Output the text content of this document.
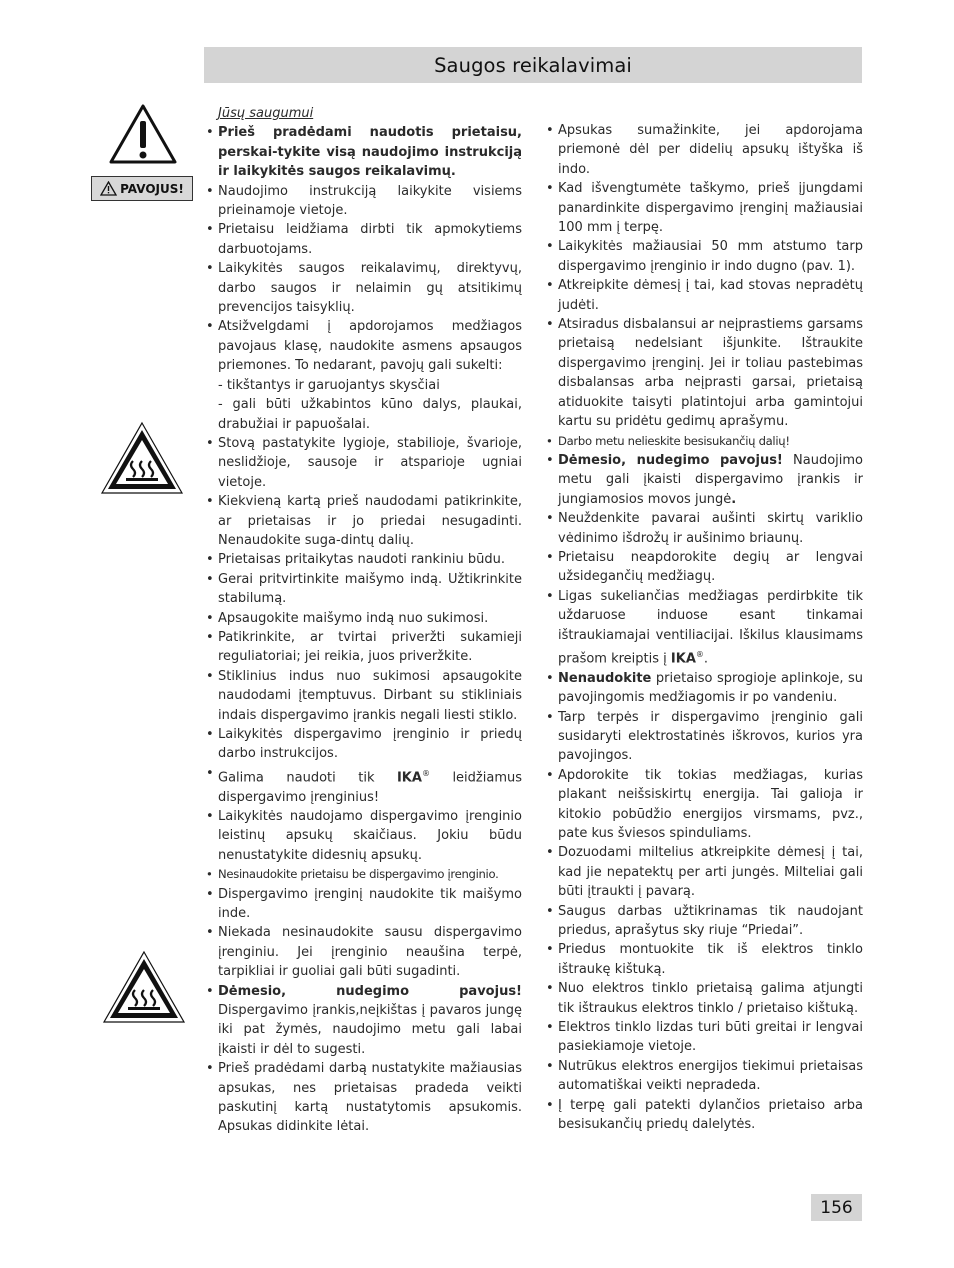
Saugos reikalavimai
PAVOJUS!
Jūsų saugumui
• Prieš pradėdami naudotis prietaisu, perskai-tykite visą naudojimo instrukciją ir laikykitės saugos reikalavimų.
• Naudojimo instrukciją laikykite visiems prieinamoje vietoje.
• Prietaisu leidžiama dirbti tik apmokytiems darbuotojams.
• Laikykitės saugos reikalavimų, direktyvų, darbo saugos ir nelaimin gų atsitikimų prevencijos taisyklių.
• Atsižvelgdami į apdorojamos medžiagos pavojaus klasę, naudokite asmens apsaugos priemones. To nedarant, pavojų gali sukelti:
- tikštantys ir garuojantys skysčiai
- gali būti užkabintos kūno dalys, plaukai, drabužiai ir papuošalai.
• Stovą pastatykite lygioje, stabilioje, švarioje, neslidžioje, sausoje ir atsparioje ugniai vietoje.
• Kiekvieną kartą prieš naudodami patikrinkite, ar prietaisas ir jo priedai nesugadinti. Nenaudokite suga-dintų dalių.
• Prietaisas pritaikytas naudoti rankiniu būdu.
• Gerai pritvirtinkite maišymo indą. Užtikrinkite stabilumą.
• Apsaugokite maišymo indą nuo sukimosi.
• Patikrinkite, ar tvirtai priveržti sukamieji reguliatoriai; jei reikia, juos priveržkite.
• Stiklinius indus nuo sukimosi apsaugokite naudodami įtemptuvus. Dirbant su stikliniais indais dispergavimo įrankis negali liesti stiklo.
• Laikykitės dispergavimo įrenginio ir priedų darbo instrukcijos.
• Galima naudoti tik IKA® leidžiamus dispergavimo įrenginius!
• Laikykitės naudojamo dispergavimo įrenginio leistinų apsukų skaičiaus. Jokiu būdu nenustatykite didesnių apsukų.
• Nesinaudokite prietaisu be dispergavimo įrenginio.
• Dispergavimo įrenginį naudokite tik maišymo inde.
• Niekada nesinaudokite sausu dispergavimo įrenginiu. Jei įrenginio neaušina terpė, tarpikliai ir guoliai gali būti sugadinti.
• Dėmesio, nudegimo pavojus! Dispergavimo įrankis,neįkištas į pavaros jungę iki pat žymės, naudojimo metu gali labai įkaisti ir dėl to sugesti.
• Prieš pradėdami darbą nustatykite mažiausias apsukas, nes prietaisas pradeda veikti paskutinį kartą nustatytomis apsukomis. Apsukas didinkite lėtai.
• Apsukas sumažinkite, jei apdorojama priemonė dėl per didelių apsukų ištyška iš indo.
• Kad išvengtumėte taškymo, prieš įjungdami panardinkite dispergavimo įrenginį mažiausiai 100 mm į terpę.
• Laikykitės mažiausiai 50 mm atstumo tarp dispergavimo įrenginio ir indo dugno (pav. 1).
• Atkreipkite dėmesį į tai, kad stovas nepradėtų judėti.
• Atsiradus disbalansui ar neįprastiems garsams prietaisą nedelsiant išjunkite. Ištraukite dispergavimo įrenginį. Jei ir toliau pastebimas disbalansas arba neįprasti garsai, prietaisą atiduokite taisyti platintojui arba gamintojui kartu su pridėtu gedimų aprašymu.
• Darbo metu nelieskite besisukančių dalių!
• Dėmesio, nudegimo pavojus! Naudojimo metu gali įkaisti dispergavimo įrankis ir jungiamosios movos jungė.
• Neuždenkite pavarai aušinti skirtų variklio vėdinimo išdrožų ir aušinimo briaunų.
• Prietaisu neapdorokite degių ar lengvai užsidegančių medžiagų.
• Ligas sukeliančias medžiagas perdirbkite tik uždaruose induose esant tinkamai ištraukiamajai ventiliacijai. Iškilus klausimams prašom kreiptis į IKA®.
• Nenaudokite prietaiso sprogioje aplinkoje, su pavojingomis medžiagomis ir po vandeniu.
• Tarp terpės ir dispergavimo įrenginio gali susidaryti elektrostatinės iškrovos, kurios yra pavojingos.
• Apdorokite tik tokias medžiagas, kurias plakant neišsiskirtų energija. Tai galioja ir kitokio pobūdžio energijos virsmams, pvz., pate kus šviesos spinduliams.
• Dozuodami miltelius atkreipkite dėmesį į tai, kad jie nepatektų per arti jungės. Milteliai gali būti įtraukti į pavarą.
• Saugus darbas užtikrinamas tik naudojant priedus, aprašytus sky riuje “Priedai”.
• Priedus montuokite tik iš elektros tinklo ištraukę kištuką.
• Nuo elektros tinklo prietaisą galima atjungti tik ištraukus elektros tinklo / prietaiso kištuką.
• Elektros tinklo lizdas turi būti greitai ir lengvai pasiekiamoje vietoje.
• Nutrūkus elektros energijos tiekimui prietaisas automatiškai veikti nepradeda.
• Į terpę gali patekti dylančios prietaiso arba besisukančių priedų dalelytės.
156
